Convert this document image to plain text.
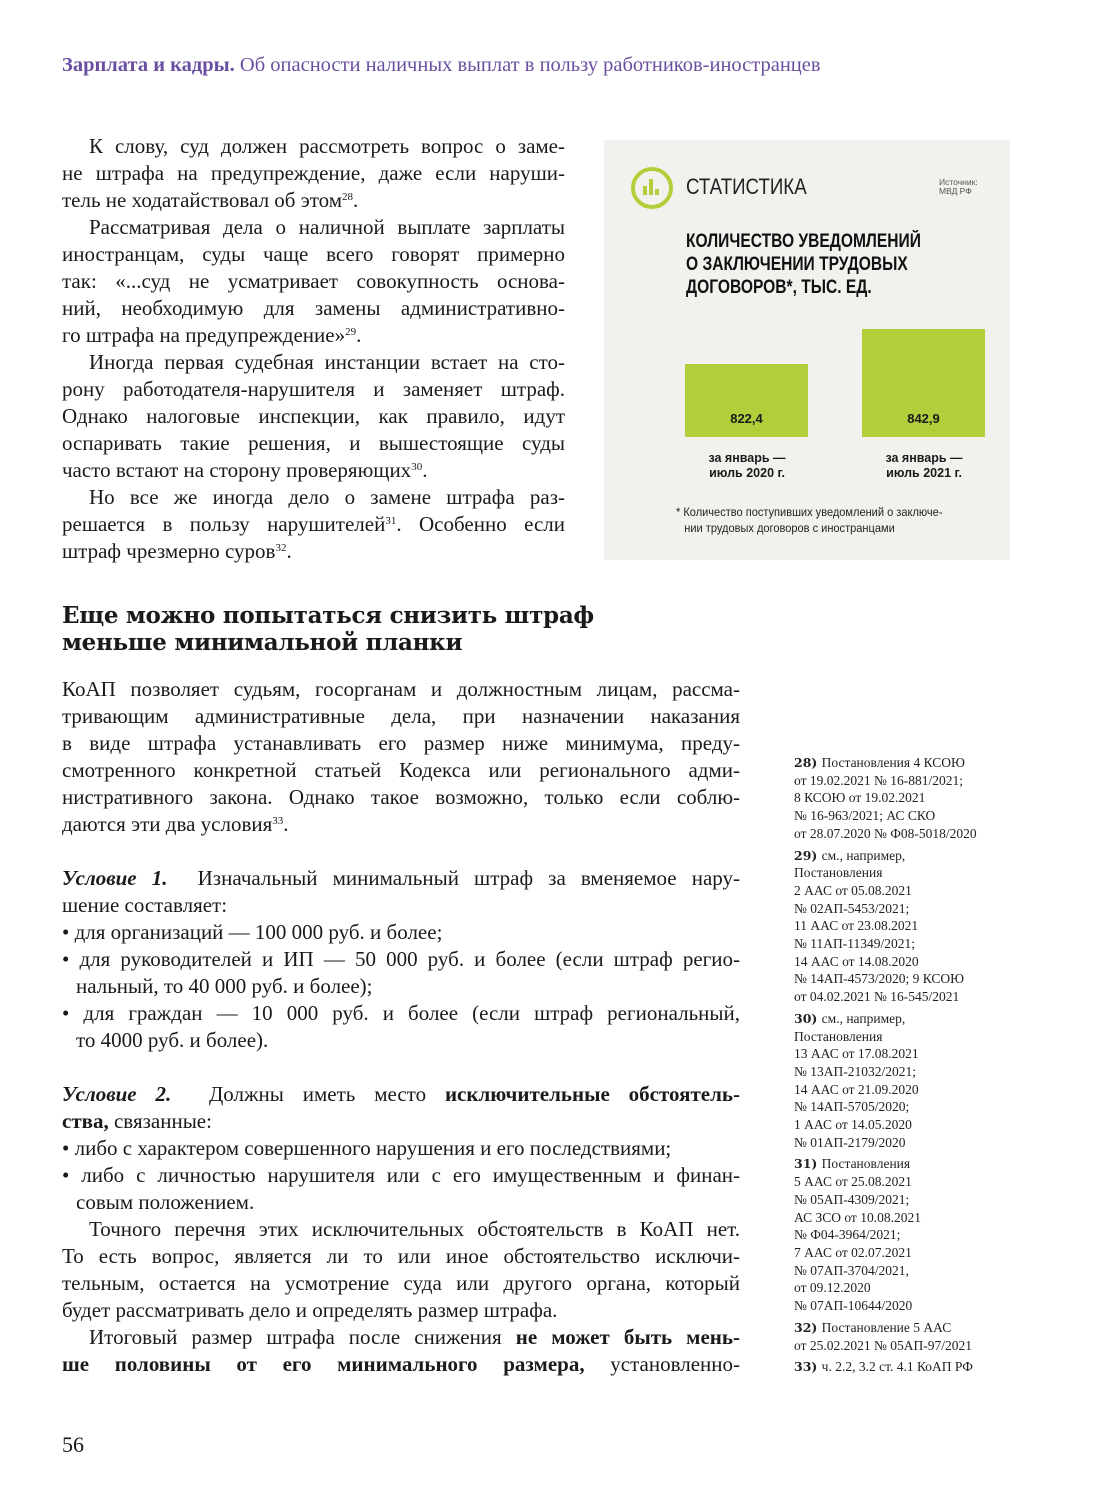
Зарплата и кадры. Об опасности наличных выплат в пользу работников-иностранцев
К слову, суд должен рассмотреть вопрос о заме-
не штрафа на предупреждение, даже если наруши-
тель не ходатайствовал об этом$^{28}$.
Рассматривая дела о наличной выплате зарплаты
иностранцам, суды чаще всего говорят примерно
так: «...суд не усматривает совокупность основа-
ний, необходимую для замены административно-
го штрафа на предупреждение»$^{29}$.
Иногда первая судебная инстанции встает на сто-
рону работодателя-нарушителя и заменяет штраф.
Однако налоговые инспекции, как правило, идут
оспаривать такие решения, и вышестоящие суды
часто встают на сторону проверяющих$^{30}$.
Но все же иногда дело о замене штрафа раз-
решается в пользу нарушителей$^{31}$. Особенно если
штраф чрезмерно суров$^{32}$.
Еще можно попытаться снизить штраф
меньше минимальной планки
КоАП позволяет судьям, госорганам и должностным лицам, рассма-
тривающим административные дела, при назначении наказания
в виде штрафа устанавливать его размер ниже минимума, преду-
смотренного конкретной статьей Кодекса или регионального адми-
нистративного закона. Однако такое возможно, только если соблю-
даются эти два условия$^{33}$.
Условие 1.  Изначальный минимальный штраф за вменяемое нару-
шение составляет:
• для организаций — 100 000 руб. и более;
• для руководителей и ИП — 50 000 руб. и более (если штраф регио-
нальный, то 40 000 руб. и более);
• для граждан — 10 000 руб. и более (если штраф региональный,
то 4000 руб. и более).
Условие 2.  Должны иметь место исключительные обстоятель-
ства, связанные:
• либо с характером совершенного нарушения и его последствиями;
• либо с личностью нарушителя или с его имущественным и финан-
совым положением.
Точного перечня этих исключительных обстоятельств в КоАП нет.
То есть вопрос, является ли то или иное обстоятельство исключи-
тельным, остается на усмотрение суда или другого органа, который
будет рассматривать дело и определять размер штрафа.
Итоговый размер штрафа после снижения не может быть мень-
ше половины от его минимального размера, установленно-
СТАТИСТИКА	Источник:
МВД РФ
КОЛИЧЕСТВО УВЕДОМЛЕНИЙ
О ЗАКЛЮЧЕНИИ ТРУДОВЫХ
ДОГОВОРОВ*, ТЫС. ЕД.
822,4
за январь —
июль 2020 г.
842,9
за январь —
июль 2021 г.
* Количество поступивших уведомлений о заключе-
нии трудовых договоров с иностранцами
28) Постановления 4 КСОЮ
от 19.02.2021 № 16-881/2021;
8 КСОЮ от 19.02.2021
№ 16-963/2021; АС СКО
от 28.07.2020 № Ф08-5018/2020
29) см., например,
Постановления
2 ААС от 05.08.2021
№ 02АП-5453/2021;
11 ААС от 23.08.2021
№ 11АП-11349/2021;
14 ААС от 14.08.2020
№ 14АП-4573/2020; 9 КСОЮ
от 04.02.2021 № 16-545/2021
30) см., например,
Постановления
13 ААС от 17.08.2021
№ 13АП-21032/2021;
14 ААС от 21.09.2020
№ 14АП-5705/2020;
1 ААС от 14.05.2020
№ 01АП-2179/2020
31) Постановления
5 ААС от 25.08.2021
№ 05АП-4309/2021;
АС ЗСО от 10.08.2021
№ Ф04-3964/2021;
7 ААС от 02.07.2021
№ 07АП-3704/2021,
от 09.12.2020
№ 07АП-10644/2020
32) Постановление 5 ААС
от 25.02.2021 № 05АП-97/2021
33) ч. 2.2, 3.2 ст. 4.1 КоАП РФ
56
